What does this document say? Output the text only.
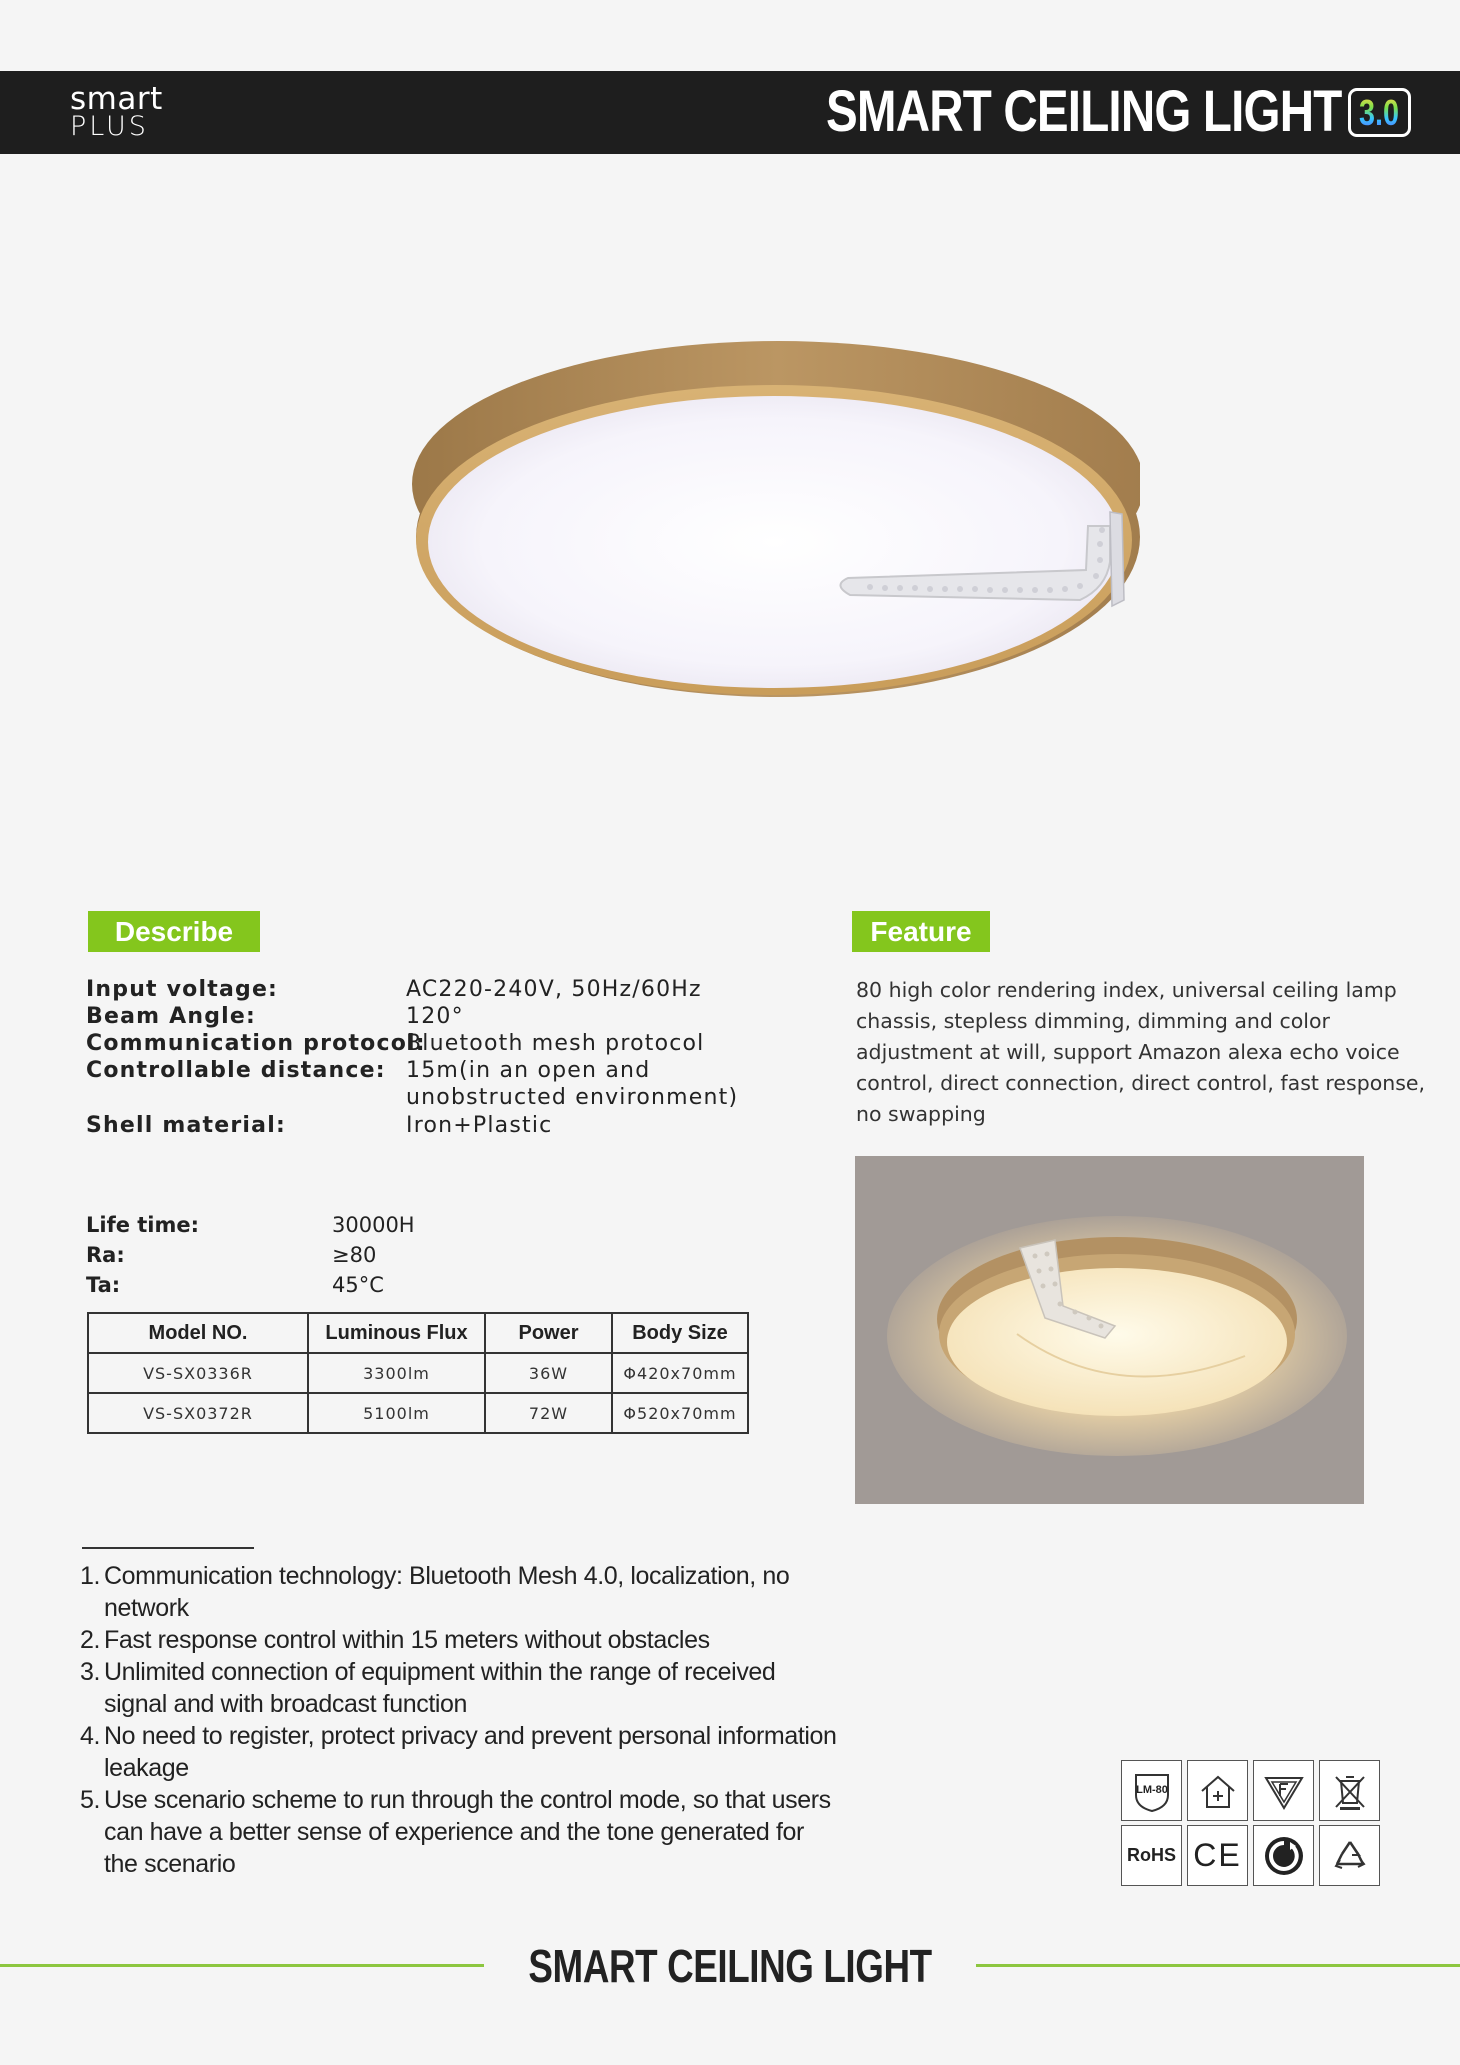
smart
PLUS	SMART CEILING LIGHT 3.0
Describe
Input voltage:	AC220-240V, 50Hz/60Hz
Beam Angle:	120°
Communication protocol:
Bluetooth mesh protocol
Controllable distance: 15m(in an open and unobstructed environment)
Shell material:	Iron+Plastic
Life time:	30000H
Ra:	≥80
Ta:	45°C
Model NO.	Luminous Flux	Power	Body Size
VS-SX0336R	3300lm	36W	Φ420x70mm
VS-SX0372R	5100lm	72W	Φ520x70mm
Feature
80 high color rendering index, universal ceiling lamp chassis, stepless dimming, dimming and color adjustment at will, support Amazon alexa echo voice control, direct connection, direct control, fast response, no swapping
1. Communication technology: Bluetooth Mesh 4.0, localization, no network
2. Fast response control within 15 meters without obstacles
3. Unlimited connection of equipment within the range of received signal and with broadcast function
4. No need to register, protect privacy and prevent personal information leakage
5. Use scenario scheme to run through the control mode, so that users can have a better sense of experience and the tone generated for the scenario
LM-80
RoHS CE
SMART CEILING LIGHT
